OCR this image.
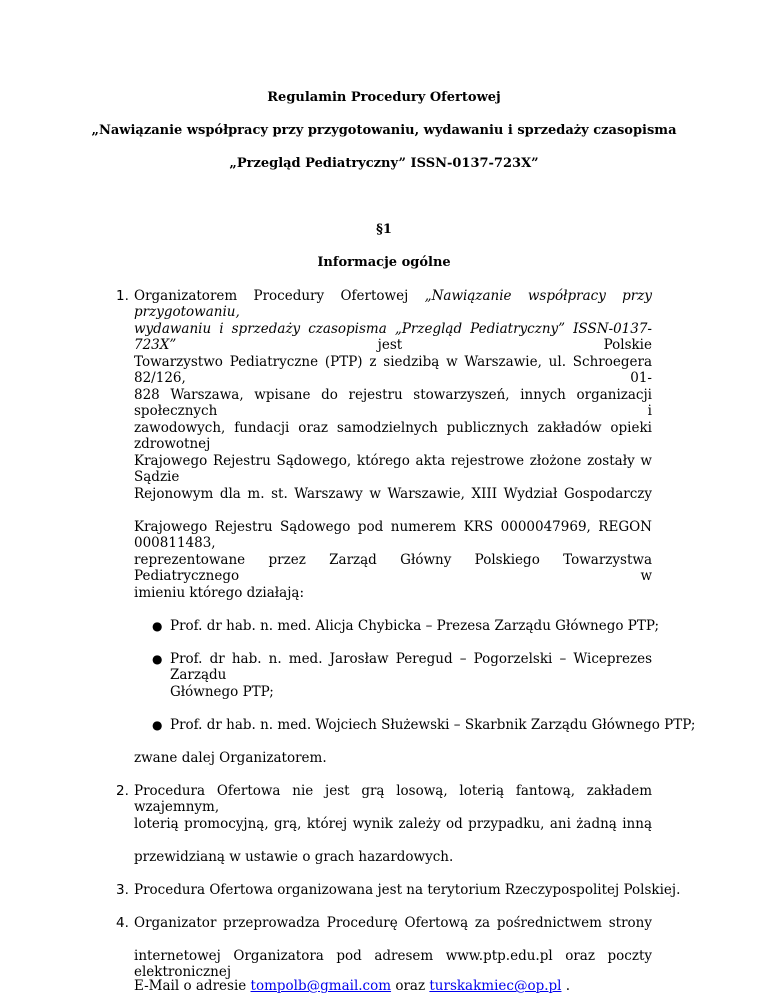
Regulamin Procedury Ofertowej
„Nawiązanie współpracy przy przygotowaniu, wydawaniu i sprzedaży czasopisma
„Przegląd Pediatryczny” ISSN-0137-723X”
§1
Informacje ogólne
1. Organizatorem Procedury Ofertowej „Nawiązanie współpracy przy przygotowaniu,
wydawaniu i sprzedaży czasopisma „Przegląd Pediatryczny” ISSN-0137-723X” jest Polskie
Towarzystwo Pediatryczne (PTP) z siedzibą w Warszawie, ul. Schroegera 82/126, 01-
828 Warszawa, wpisane do rejestru stowarzyszeń, innych organizacji społecznych i
zawodowych, fundacji oraz samodzielnych publicznych zakładów opieki zdrowotnej
Krajowego Rejestru Sądowego, którego akta rejestrowe złożone zostały w Sądzie
Rejonowym dla m. st. Warszawy w Warszawie, XIII Wydział Gospodarczy
Krajowego Rejestru Sądowego pod numerem KRS 0000047969, REGON 000811483,
reprezentowane przez Zarząd Główny Polskiego Towarzystwa Pediatrycznego w
imieniu którego działają:
● Prof. dr hab. n. med. Alicja Chybicka – Prezesa Zarządu Głównego PTP;
● Prof. dr hab. n. med. Jarosław Peregud – Pogorzelski – Wiceprezes Zarządu
Głównego PTP;
● Prof. dr hab. n. med. Wojciech Służewski – Skarbnik Zarządu Głównego PTP;
zwane dalej Organizatorem.
2. Procedura Ofertowa nie jest grą losową, loterią fantową, zakładem wzajemnym,
loterią promocyjną, grą, której wynik zależy od przypadku, ani żadną inną
przewidzianą w ustawie o grach hazardowych.
3. Procedura Ofertowa organizowana jest na terytorium Rzeczypospolitej Polskiej.
4. Organizator przeprowadza Procedurę Ofertową za pośrednictwem strony
internetowej Organizatora pod adresem www.ptp.edu.pl oraz poczty elektronicznej
E-Mail o adresie tompolb@gmail.com oraz turskakmiec@op.pl .
